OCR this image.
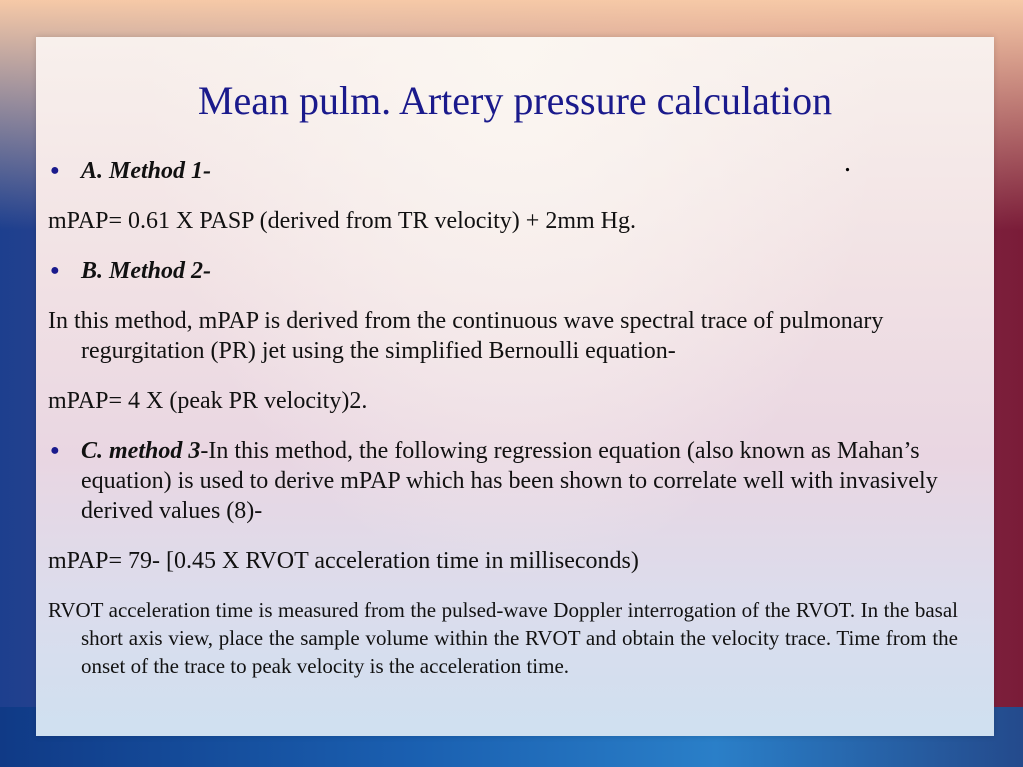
Mean pulm. Artery pressure calculation
.
● A. Method 1-

mPAP= 0.61 X PASP (derived from TR velocity) + 2mm Hg.

● B. Method 2-

In this method, mPAP is derived from the continuous wave spectral trace of pulmonary regurgitation (PR) jet using the simplified Bernoulli equation-

mPAP= 4 X (peak PR velocity)2.

● C. method 3-In this method, the following regression equation (also known as Mahan’s equation) is used to derive mPAP which has been shown to correlate well with invasively derived values (8)-

mPAP= 79- [0.45 X RVOT acceleration time in milliseconds)

RVOT acceleration time is measured from the pulsed-wave Doppler interrogation of the RVOT. In the basal short axis view, place the sample volume within the RVOT and obtain the velocity trace. Time from the onset of the trace to peak velocity is the acceleration time.
